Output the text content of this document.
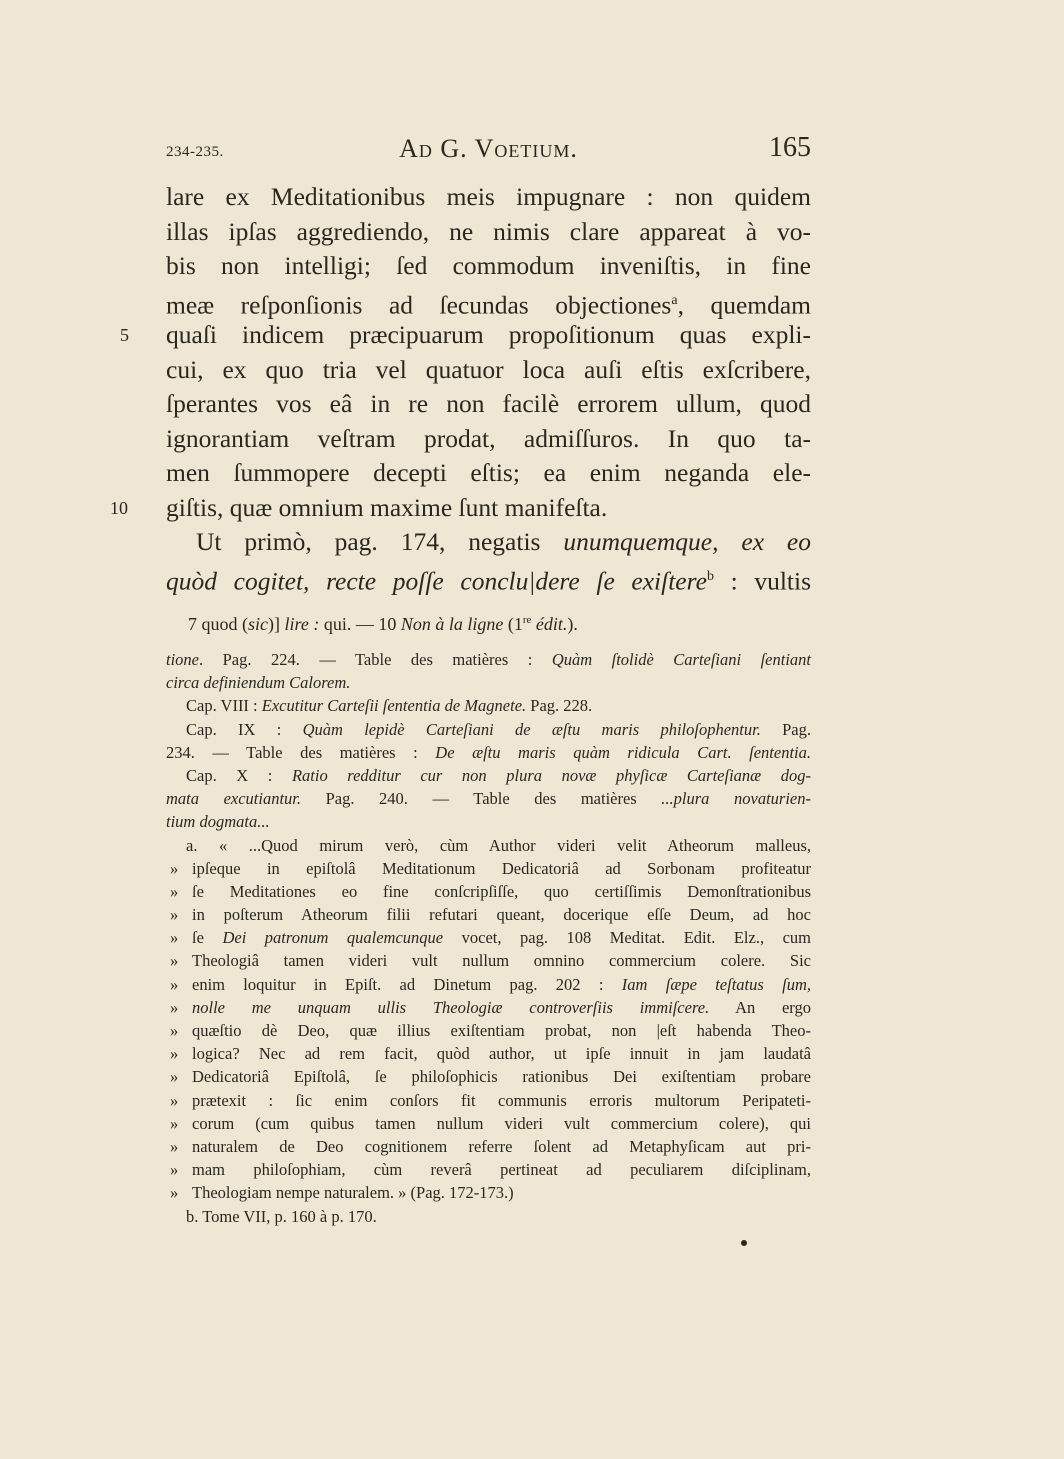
234-235.	Ad G. Voetium.	165
lare ex Meditationibus meis impugnare : non quidem
illas ipſas aggrediendo, ne nimis clare appareat à vo-
bis non intelligi; ſed commodum inveniſtis, in fine
meæ reſponſionis ad ſecundas objectiones$^a$, quemdam
5 quaſi indicem præcipuarum propoſitionum quas expli-
cui, ex quo tria vel quatuor loca auſi eſtis exſcribere,
ſperantes vos eâ in re non facilè errorem ullum, quod
ignorantiam veſtram prodat, admiſſuros. In quo ta-
men ſummopere decepti eſtis; ea enim neganda ele-
10 giſtis, quæ omnium maxime ſunt manifeſta.
Ut primò, pag. 174, negatis unumquemque, ex eo
quòd cogitet, recte poſſe conclu|dere ſe exiſtere$^b$ : vultis
7 quod (sic)] lire : qui. — 10 Non à la ligne (1re édit.).
tione. Pag. 224. — Table des matières : Quàm ſtolidè Carteſiani ſentiant
circa definiendum Calorem.
Cap. VIII : Excutitur Carteſii ſententia de Magnete. Pag. 228.
Cap. IX : Quàm lepidè Carteſiani de æſtu maris philoſophentur. Pag.
234. — Table des matières : De æſtu maris quàm ridicula Cart. ſententia.
Cap. X : Ratio redditur cur non plura novæ phyſicæ Carteſianæ dog-
mata excutiantur. Pag. 240. — Table des matières ...plura novaturien-
tium dogmata...
a. « ...Quod mirum verò, cùm Author videri velit Atheorum malleus,
» ipſeque in epiſtolâ Meditationum Dedicatoriâ ad Sorbonam profiteatur
» ſe Meditationes eo fine conſcripſiſſe, quo certiſſimis Demonſtrationibus
» in poſterum Atheorum filii refutari queant, docerique eſſe Deum, ad hoc
» ſe Dei patronum qualemcunque vocet, pag. 108 Meditat. Edit. Elz., cum
» Theologiâ tamen videri vult nullum omnino commercium colere. Sic
» enim loquitur in Epiſt. ad Dinetum pag. 202 : Iam ſæpe teſtatus ſum,
» nolle me unquam ullis Theologiæ controverſiis immiſcere. An ergo
» quæſtio dè Deo, quæ illius exiſtentiam probat, non |eſt habenda Theo-
» logica? Nec ad rem facit, quòd author, ut ipſe innuit in jam laudatâ
» Dedicatoriâ Epiſtolâ, ſe philoſophicis rationibus Dei exiſtentiam probare
» prætexit : ſic enim conſors fit communis erroris multorum Peripateti-
» corum (cum quibus tamen nullum videri vult commercium colere), qui
» naturalem de Deo cognitionem referre ſolent ad Metaphyſicam aut pri-
» mam philoſophiam, cùm reverâ pertineat ad peculiarem diſciplinam,
» Theologiam nempe naturalem. » (Pag. 172-173.)
b. Tome VII, p. 160 à p. 170.
